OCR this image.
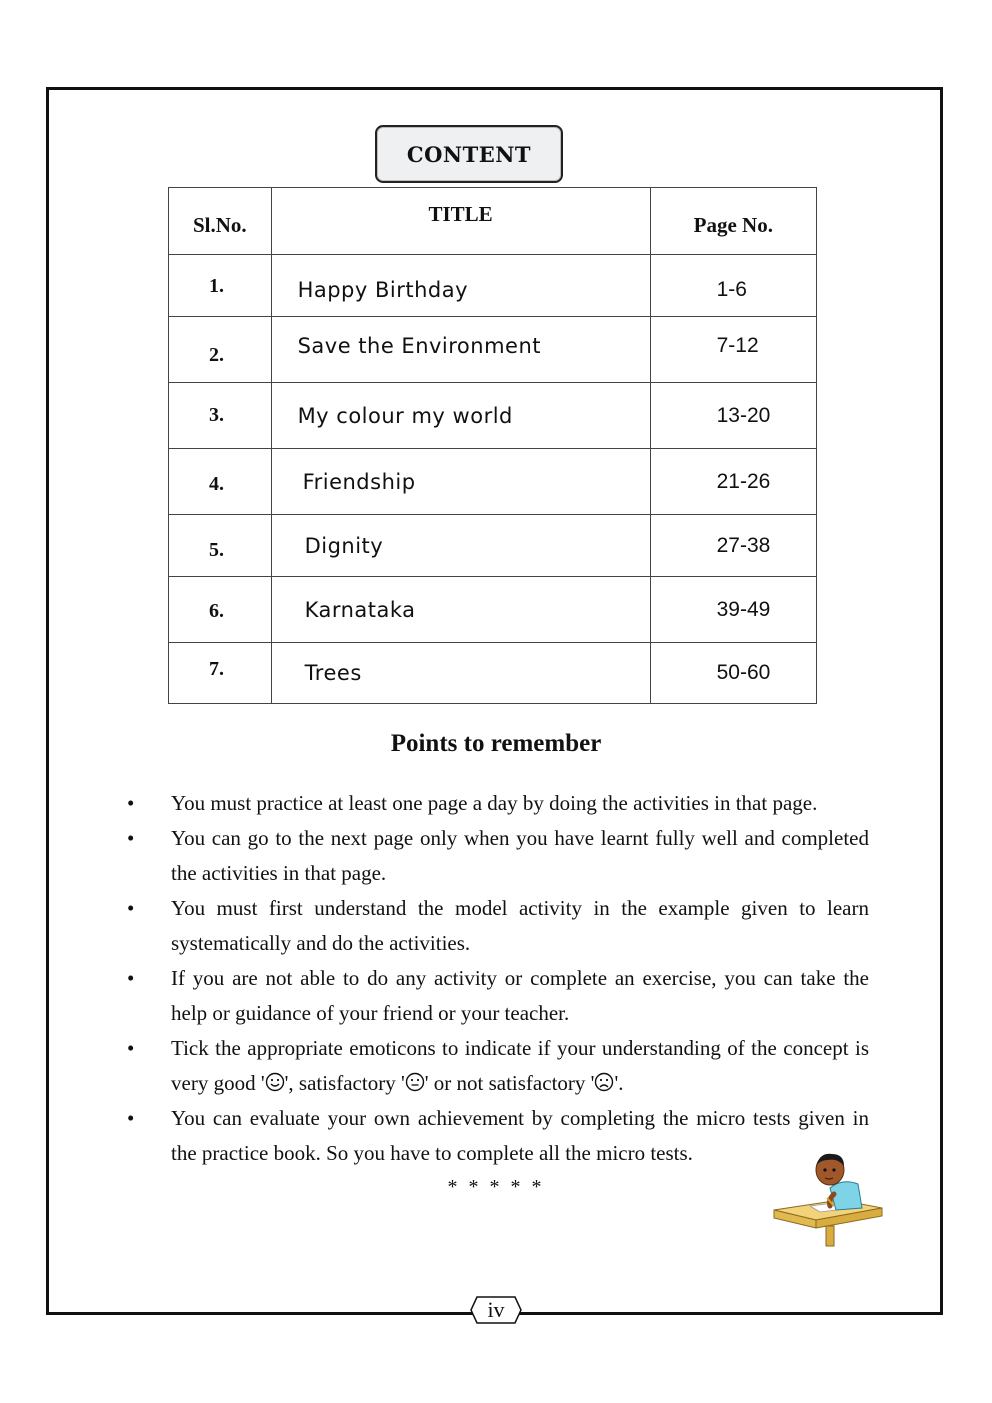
CONTENT
Sl.No.	TITLE	Page No.
1.	Happy Birthday	1-6
2.	Save the Environment	7-12
3.	My colour my world	13-20
4.	Friendship	21-26
5.	Dignity	27-38
6.	Karnataka	39-49
7.	Trees	50-60
Points to remember
• You must practice at least one page a day by doing the activities in that page.
• You can go to the next page only when you have learnt fully well and completed the activities in that page.
• You must first understand the model activity in the example given to learn systematically and do the activities.
• If you are not able to do any activity or complete an exercise, you can take the help or guidance of your friend or your teacher.
• Tick the appropriate emoticons to indicate if your understanding of the concept is very good ' ', satisfactory ' ' or not satisfactory ' '.
• You can evaluate your own achievement by completing the micro tests given in the practice book. So you have to complete all the micro tests.
* * * * *
iv
